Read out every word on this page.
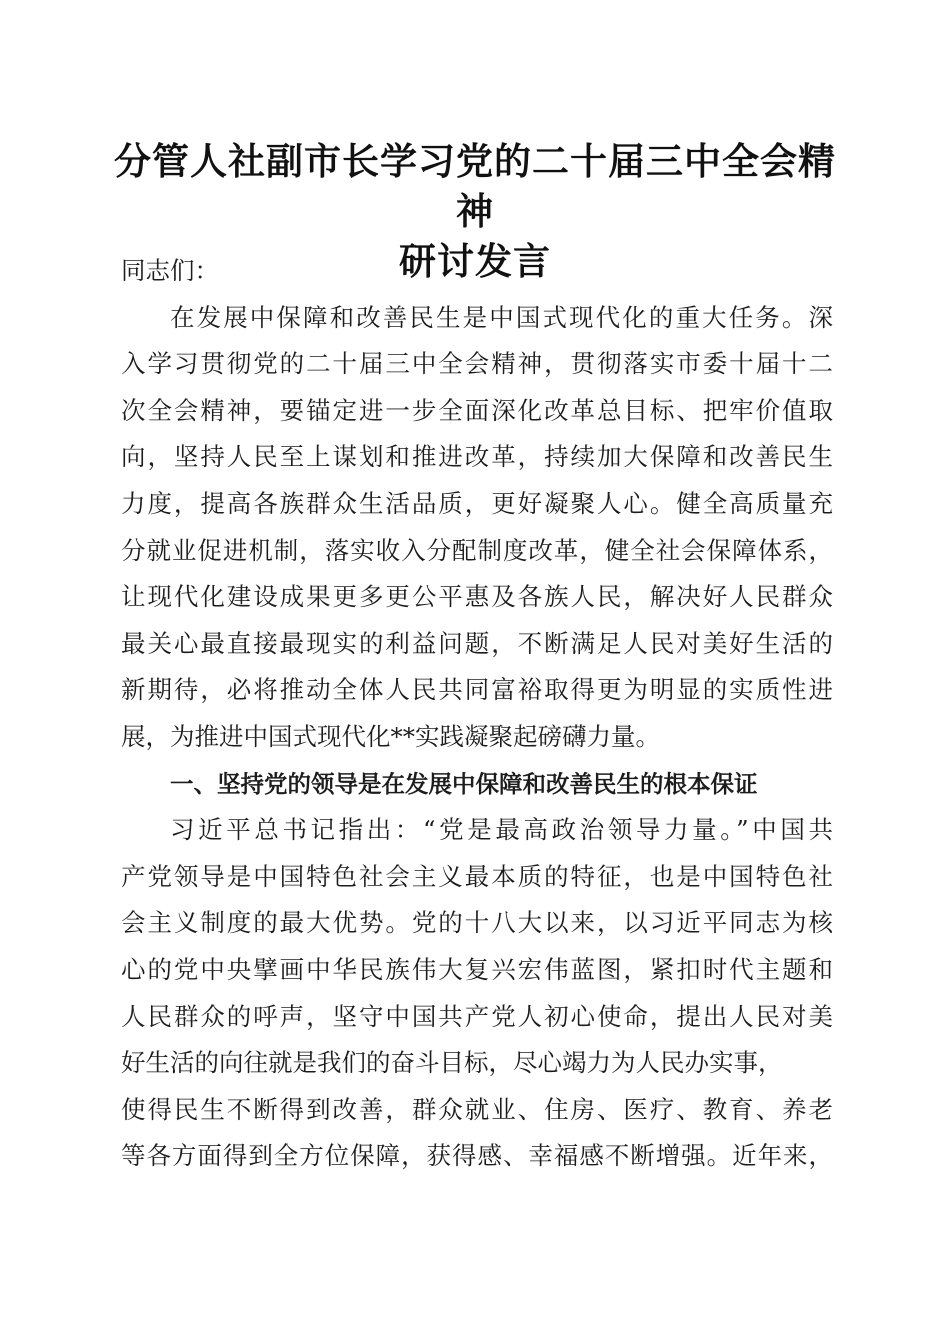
分管人社副市长学习党的二十届三中全会精神
研讨发言
同志们：
在发展中保障和改善民生是中国式现代化的重大任务。深
入学习贯彻党的二十届三中全会精神，贯彻落实市委十届十二
次全会精神，要锚定进一步全面深化改革总目标、把牢价值取
向，坚持人民至上谋划和推进改革，持续加大保障和改善民生
力度，提高各族群众生活品质，更好凝聚人心。健全高质量充
分就业促进机制，落实收入分配制度改革，健全社会保障体系，
让现代化建设成果更多更公平惠及各族人民，解决好人民群众
最关心最直接最现实的利益问题，不断满足人民对美好生活的
新期待，必将推动全体人民共同富裕取得更为明显的实质性进
展，为推进中国式现代化**实践凝聚起磅礴力量。
一、坚持党的领导是在发展中保障和改善民生的根本保证
习近平总书记指出：“党是最高政治领导力量。”中国共
产党领导是中国特色社会主义最本质的特征，也是中国特色社
会主义制度的最大优势。党的十八大以来，以习近平同志为核
心的党中央擘画中华民族伟大复兴宏伟蓝图，紧扣时代主题和
人民群众的呼声，坚守中国共产党人初心使命，提出人民对美
好生活的向往就是我们的奋斗目标，尽心竭力为人民办实事，
使得民生不断得到改善，群众就业、住房、医疗、教育、养老
等各方面得到全方位保障，获得感、幸福感不断增强。近年来，
